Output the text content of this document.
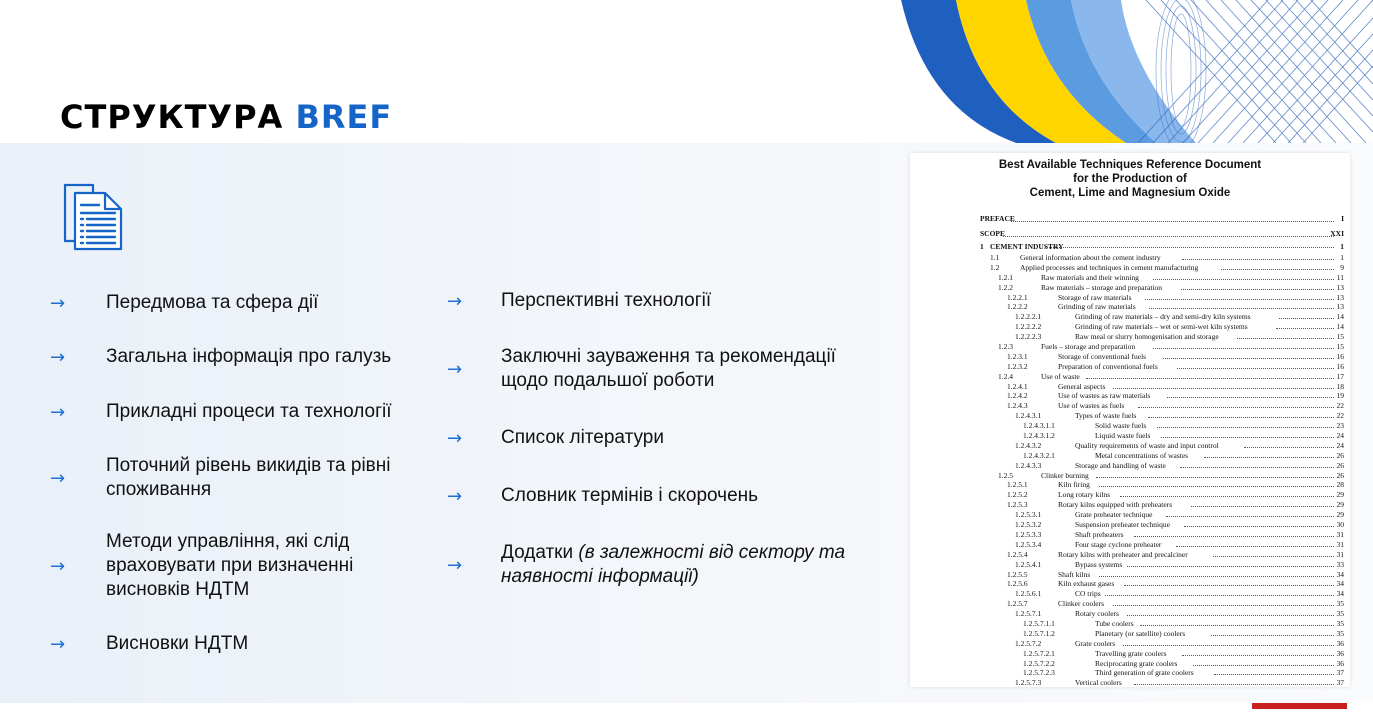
СТРУКТУРА BREF
→	Передмова та сфера дії
→	Загальна інформація про галузь
→	Прикладні процеси та технології
→
Поточний рівень викидів та рівні
споживання
→
Методи управління, які слід
враховувати при визначенні
висновків НДТМ
→	Висновки НДТМ
→	Перспективні технології
→
Заключні зауваження та рекомендації
щодо подальшої роботи
→	Список літератури
→	Словник термінів і скорочень
→
Додатки (в залежності від сектору та
наявності інформації)
Best Available Techniques Reference Document
for the Production of
Cement, Lime and Magnesium Oxide
PREFACE	I
SCOPE	XXI
1 CEMENT INDUSTRY	1
1.1	General information about the cement industry	1
1.2	Applied processes and techniques in cement manufacturing	9
1.2.1	Raw materials and their winning	11
1.2.2	Raw materials – storage and preparation	13
1.2.2.1	Storage of raw materials	13
1.2.2.2	Grinding of raw materials	13
1.2.2.2.1	Grinding of raw materials – dry and semi-dry kiln systems	14
1.2.2.2.2	Grinding of raw materials – wet or semi-wet kiln systems	14
1.2.2.2.3	Raw meal or slurry homogenisation and storage	15
1.2.3	Fuels – storage and preparation	15
1.2.3.1	Storage of conventional fuels	16
1.2.3.2	Preparation of conventional fuels	16
1.2.4	Use of waste	17
1.2.4.1	General aspects	18
1.2.4.2	Use of wastes as raw materials	19
1.2.4.3	Use of wastes as fuels	22
1.2.4.3.1	Types of waste fuels	22
1.2.4.3.1.1	Solid waste fuels	23
1.2.4.3.1.2	Liquid waste fuels	24
1.2.4.3.2	Quality requirements of waste and input control	24
1.2.4.3.2.1	Metal concentrations of wastes	26
1.2.4.3.3	Storage and handling of waste	26
1.2.5	Clinker burning	26
1.2.5.1	Kiln firing	28
1.2.5.2	Long rotary kilns	29
1.2.5.3	Rotary kilns equipped with preheaters	29
1.2.5.3.1	Grate preheater technique	29
1.2.5.3.2	Suspension preheater technique	30
1.2.5.3.3	Shaft preheaters	31
1.2.5.3.4	Four stage cyclone preheater	31
1.2.5.4	Rotary kilns with preheater and precalciner	31
1.2.5.4.1	Bypass systems	33
1.2.5.5	Shaft kilns	34
1.2.5.6	Kiln exhaust gases	34
1.2.5.6.1	CO trips	34
1.2.5.7	Clinker coolers	35
1.2.5.7.1	Rotary coolers	35
1.2.5.7.1.1	Tube coolers	35
1.2.5.7.1.2	Planetary (or satellite) coolers	35
1.2.5.7.2	Grate coolers	36
1.2.5.7.2.1	Travelling grate coolers	36
1.2.5.7.2.2	Reciprocating grate coolers	36
1.2.5.7.2.3	Third generation of grate coolers	37
1.2.5.7.3	Vertical coolers	37
